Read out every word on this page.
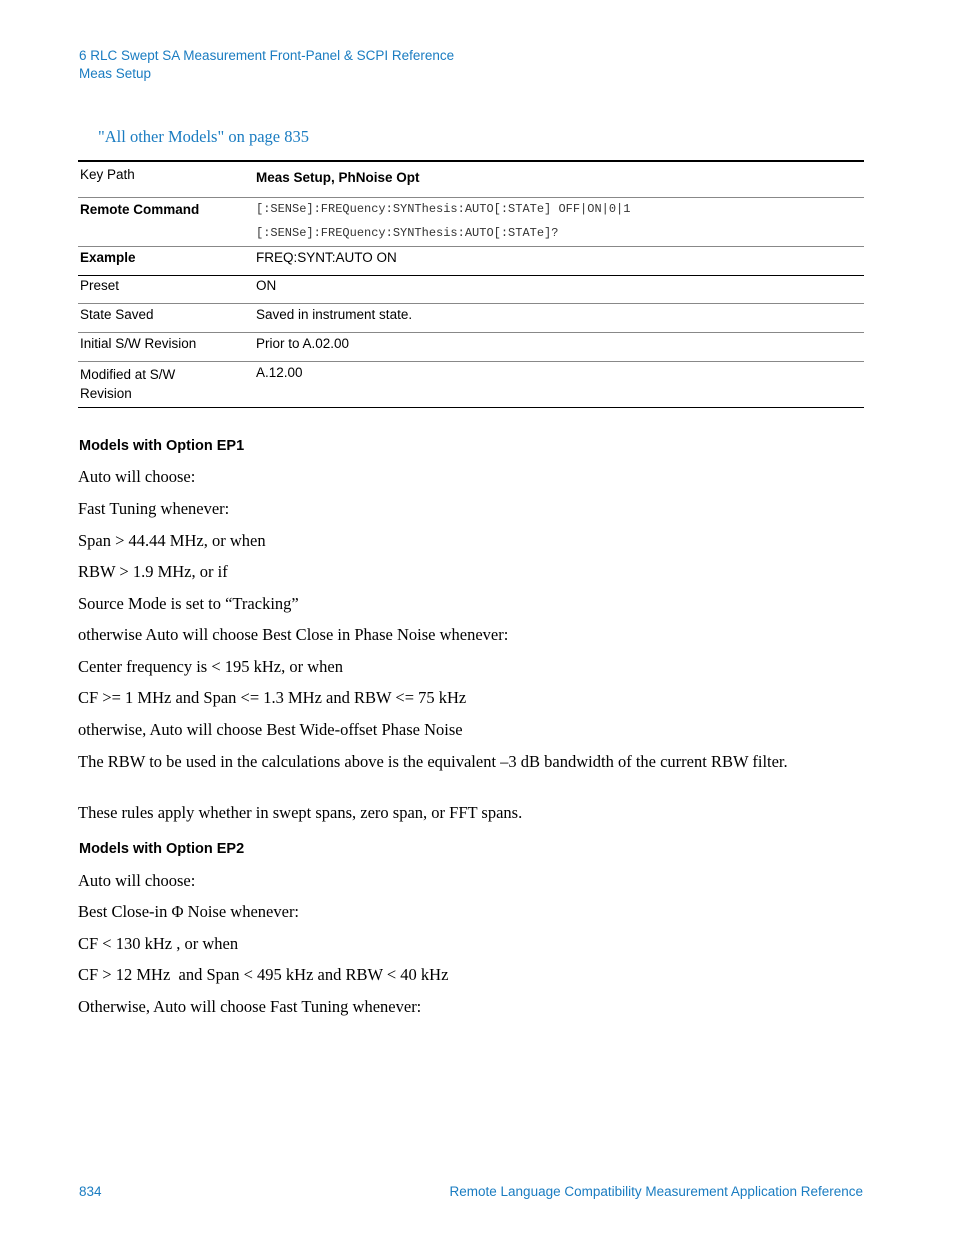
6 RLC Swept SA Measurement Front-Panel & SCPI Reference
Meas Setup
"All other Models" on page 835
Key Path	Meas Setup, PhNoise Opt
Remote Command	[:SENSe]:FREQuency:SYNThesis:AUTO[:STATe] OFF|ON|0|1
[:SENSe]:FREQuency:SYNThesis:AUTO[:STATe]?

Example	FREQ:SYNT:AUTO ON
Preset	ON
State Saved	Saved in instrument state.
Initial S/W Revision	Prior to A.02.00

Modified at S/W
Revision	A.12.00
Models with Option EP1
Auto will choose:
Fast Tuning whenever:
Span > 44.44 MHz, or when
RBW > 1.9 MHz, or if
Source Mode is set to “Tracking”
otherwise Auto will choose Best Close in Phase Noise whenever:
Center frequency is < 195 kHz, or when
CF >= 1 MHz and Span <= 1.3 MHz and RBW <= 75 kHz
otherwise, Auto will choose Best Wide-offset Phase Noise
The RBW to be used in the calculations above is the equivalent –3 dB bandwidth of the current RBW filter.
These rules apply whether in swept spans, zero span, or FFT spans.
Models with Option EP2
Auto will choose:
Best Close-in Φ Noise whenever:
CF < 130 kHz , or when
CF > 12 MHz  and Span < 495 kHz and RBW < 40 kHz
Otherwise, Auto will choose Fast Tuning whenever:
834	Remote Language Compatibility Measurement Application Reference
